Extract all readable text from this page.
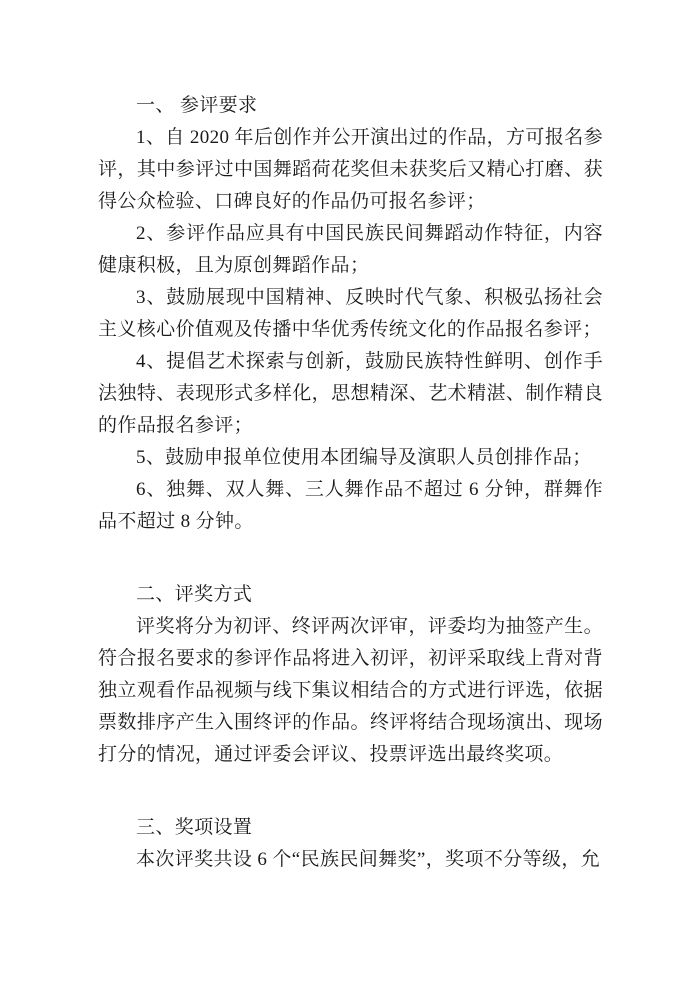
一、 参评要求

1、自 2020 年后创作并公开演出过的作品，方可报名参评，其中参评过中国舞蹈荷花奖但未获奖后又精心打磨、获得公众检验、口碑良好的作品仍可报名参评；

2、参评作品应具有中国民族民间舞蹈动作特征，内容健康积极，且为原创舞蹈作品；

3、鼓励展现中国精神、反映时代气象、积极弘扬社会主义核心价值观及传播中华优秀传统文化的作品报名参评；

4、提倡艺术探索与创新，鼓励民族特性鲜明、创作手法独特、表现形式多样化，思想精深、艺术精湛、制作精良的作品报名参评；

5、鼓励申报单位使用本团编导及演职人员创排作品；

6、独舞、双人舞、三人舞作品不超过 6 分钟，群舞作品不超过 8 分钟。

二、评奖方式

评奖将分为初评、终评两次评审，评委均为抽签产生。符合报名要求的参评作品将进入初评，初评采取线上背对背独立观看作品视频与线下集议相结合的方式进行评选，依据票数排序产生入围终评的作品。终评将结合现场演出、现场打分的情况，通过评委会评议、投票评选出最终奖项。

三、奖项设置

本次评奖共设 6 个“民族民间舞奖”，奖项不分等级，允
